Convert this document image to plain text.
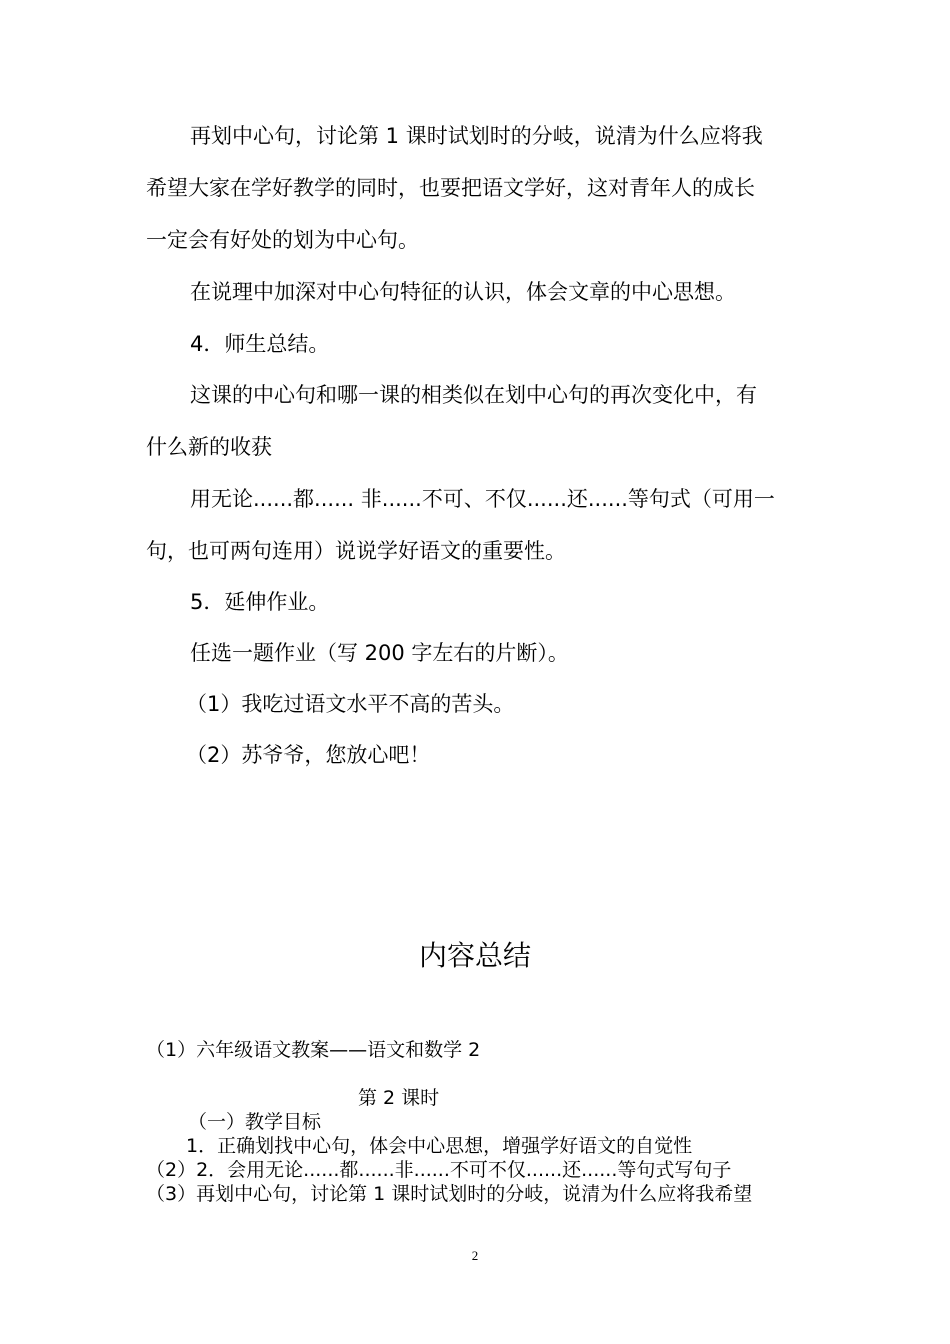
再划中心句，讨论第 1 课时试划时的分岐，说清为什么应将我
希望大家在学好教学的同时，也要把语文学好，这对青年人的成长
一定会有好处的划为中心句。
在说理中加深对中心句特征的认识，体会文章的中心思想。
4．师生总结。
这课的中心句和哪一课的相类似在划中心句的再次变化中，有
什么新的收获
用无论......都...... 非......不可、不仅......还......等句式（可用一
句，也可两句连用）说说学好语文的重要性。
5．延伸作业。
任选一题作业（写 200 字左右的片断）。
（1）我吃过语文水平不高的苦头。
（2）苏爷爷，您放心吧！
内容总结
（1）六年级语文教案——语文和数学 2
第 2 课时
（一）教学目标
1．正确划找中心句，体会中心思想，增强学好语文的自觉性
（2）2．会用无论......都......非......不可不仅......还......等句式写句子
（3）再划中心句，讨论第 1 课时试划时的分岐，说清为什么应将我希望
2
